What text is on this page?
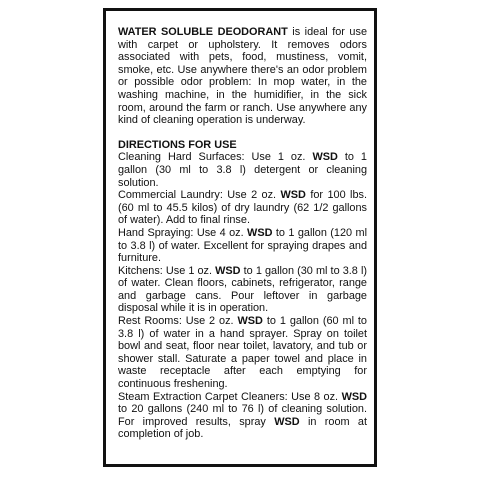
WATER SOLUBLE DEODORANT is ideal for use with carpet or upholstery. It removes odors associated with pets, food, mustiness, vomit, smoke, etc. Use anywhere there's an odor problem or possible odor problem: In mop water, in the washing machine, in the humidifier, in the sick room, around the farm or ranch. Use anywhere any kind of cleaning operation is underway.

DIRECTIONS FOR USE

Cleaning Hard Surfaces: Use 1 oz. WSD to 1 gallon (30 ml to 3.8 l) detergent or cleaning solution.

Commercial Laundry: Use 2 oz. WSD for 100 lbs. (60 ml to 45.5 kilos) of dry laundry (62 1/2 gallons of water). Add to final rinse.

Hand Spraying: Use 4 oz. WSD to 1 gallon (120 ml to 3.8 l) of water. Excellent for spraying drapes and furniture.

Kitchens: Use 1 oz. WSD to 1 gallon (30 ml to 3.8 l) of water. Clean floors, cabinets, refrigerator, range and garbage cans. Pour leftover in garbage disposal while it is in operation.

Rest Rooms: Use 2 oz. WSD to 1 gallon (60 ml to 3.8 l) of water in a hand sprayer. Spray on toilet bowl and seat, floor near toilet, lavatory, and tub or shower stall. Saturate a paper towel and place in waste receptacle after each emptying for continuous freshening.

Steam Extraction Carpet Cleaners: Use 8 oz. WSD to 20 gallons (240 ml to 76 l) of cleaning solution. For improved results, spray WSD in room at completion of job.
